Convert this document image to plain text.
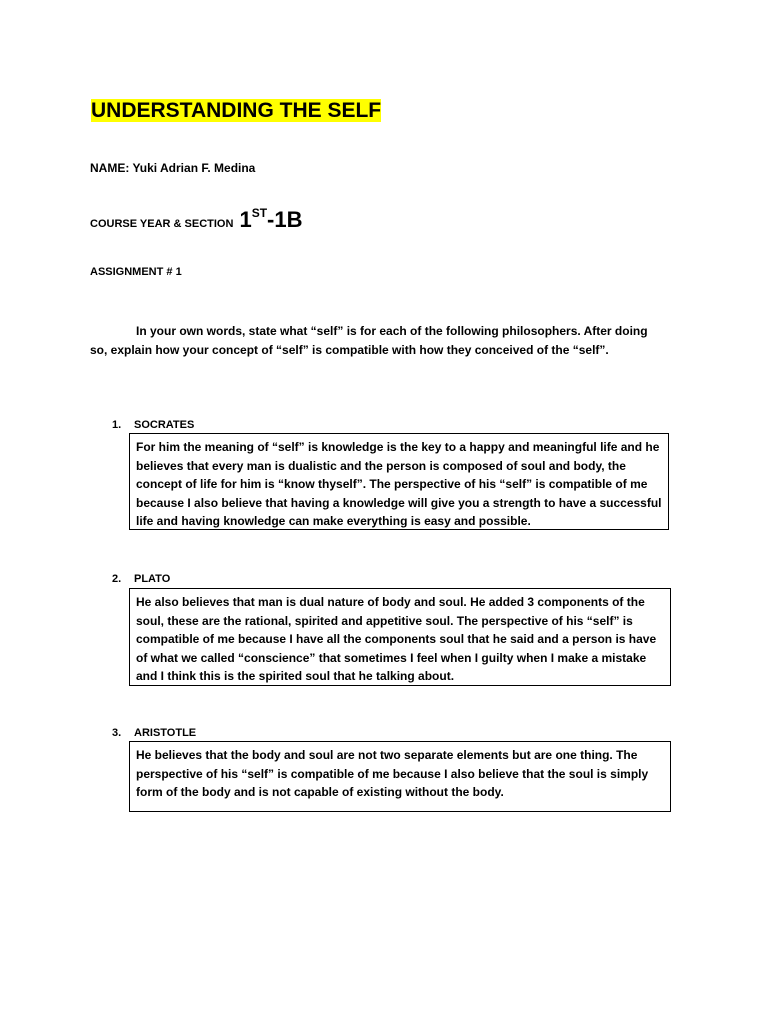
UNDERSTANDING THE SELF
NAME: Yuki Adrian F. Medina
COURSE YEAR & SECTION 1ST-1B
ASSIGNMENT # 1

In your own words, state what “self” is for each of the following philosophers. After doing so, explain how your concept of “self” is compatible with how they conceived of the “self”.

1. SOCRATES

For him the meaning of “self” is knowledge is the key to a happy and meaningful life and he believes that every man is dualistic and the person is composed of soul and body, the concept of life for him is “know thyself”. The perspective of his “self” is compatible of me because I also believe that having a knowledge will give you a strength to have a successful life and having knowledge can make everything is easy and possible.

2. PLATO

He also believes that man is dual nature of body and soul. He added 3 components of the soul, these are the rational, spirited and appetitive soul. The perspective of his “self” is compatible of me because I have all the components soul that he said and a person is have of what we called “conscience” that sometimes I feel when I guilty when I make a mistake and I think this is the spirited soul that he talking about.

3. ARISTOTLE

He believes that the body and soul are not two separate elements but are one thing. The perspective of his “self” is compatible of me because I also believe that the soul is simply form of the body and is not capable of existing without the body.
